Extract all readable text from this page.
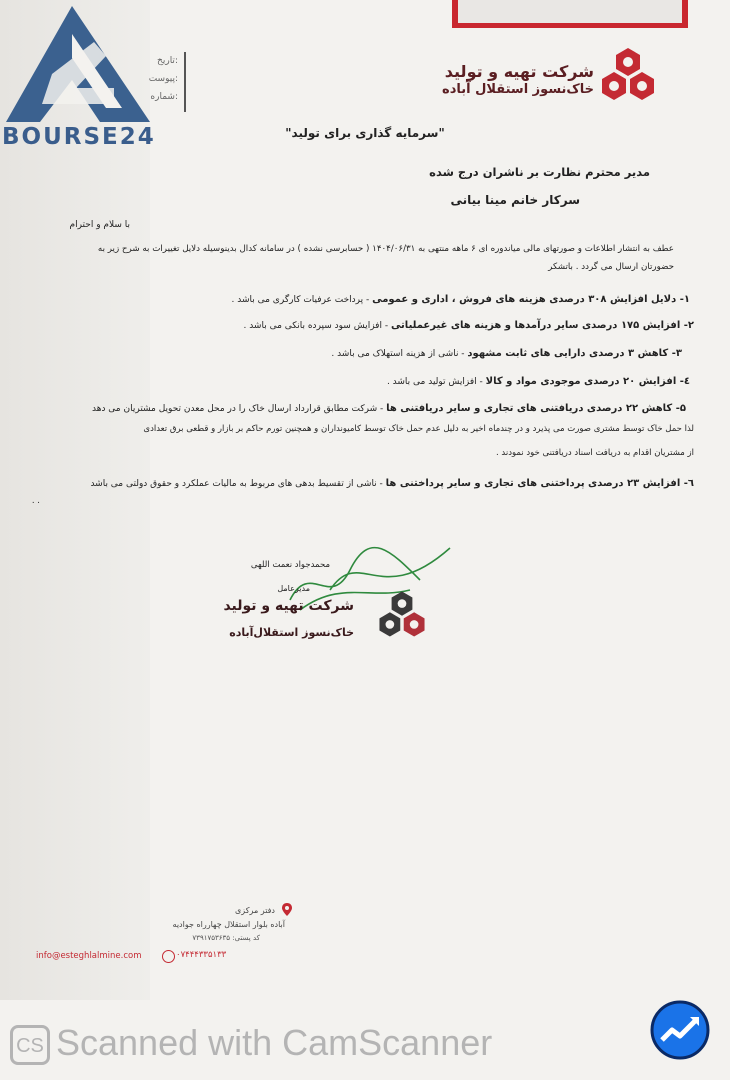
BOURSE24
تاریخ:
پیوست:
شماره:
شرکت تهیه و تولید
خاک‌نسوز استقلال آباده
"سرمایه گذاری برای تولید"
مدیر محترم نظارت بر ناشران درج شده
سرکار خانم مینا بیانی
با سلام و احترام
عطف به انتشار اطلاعات و صورتهای مالی میاندوره ای ۶ ماهه منتهی به ۱۴۰۴/۰۶/۳۱ ( حسابرسی نشده ) در سامانه کدال بدینوسیله دلایل تغییرات به شرح زیر به
حضورتان ارسال می گردد . باتشکر
۱- دلایل افزایش ۳۰۸ درصدی هزینه های فروش ، اداری و عمومی - پرداخت عرفیات کارگری می باشد .
۲- افزایش ۱۷۵ درصدی سایر درآمدها و هزینه های غیرعملیاتی - افزایش سود سپرده بانکی می باشد .
۳- کاهش ۳ درصدی دارایی های ثابت مشهود - ناشی از هزینه استهلاک می باشد .
٤- افزایش ۲۰ درصدی موجودی مواد و کالا - افزایش تولید می باشد .
۵- کاهش ۲۲ درصدی دریافتنی های تجاری و سایر دریافتنی ها - شرکت مطابق قرارداد ارسال خاک را در محل معدن تحویل مشتریان می دهد
لذا حمل خاک توسط مشتری صورت می پذیرد و در چندماه اخیر به دلیل عدم حمل خاک توسط کامیونداران و همچنین تورم حاکم بر بازار و قطعی برق تعدادی
از مشتریان اقدام به دریافت اسناد دریافتنی خود نمودند .
٦- افزایش ۲۳ درصدی پرداختنی های تجاری و سایر پرداختنی ها - ناشی از تقسیط بدهی های مربوط به مالیات عملکرد و حقوق دولتی می باشد
. .
محمدجواد نعمت اللهی
مدیرعامل
شرکت تهیه و تولید
خاک‌نسوز استقلال‌آباده
دفتر مرکزی
آباده بلوار استقلال چهارراه جوادیه
کد پستی: ۷۳۹۱۷۵۳۶۳۵
info@esteghlalmine.com	۰۷۴۴۴۳۳۵۱۳۳
CS Scanned with CamScanner
